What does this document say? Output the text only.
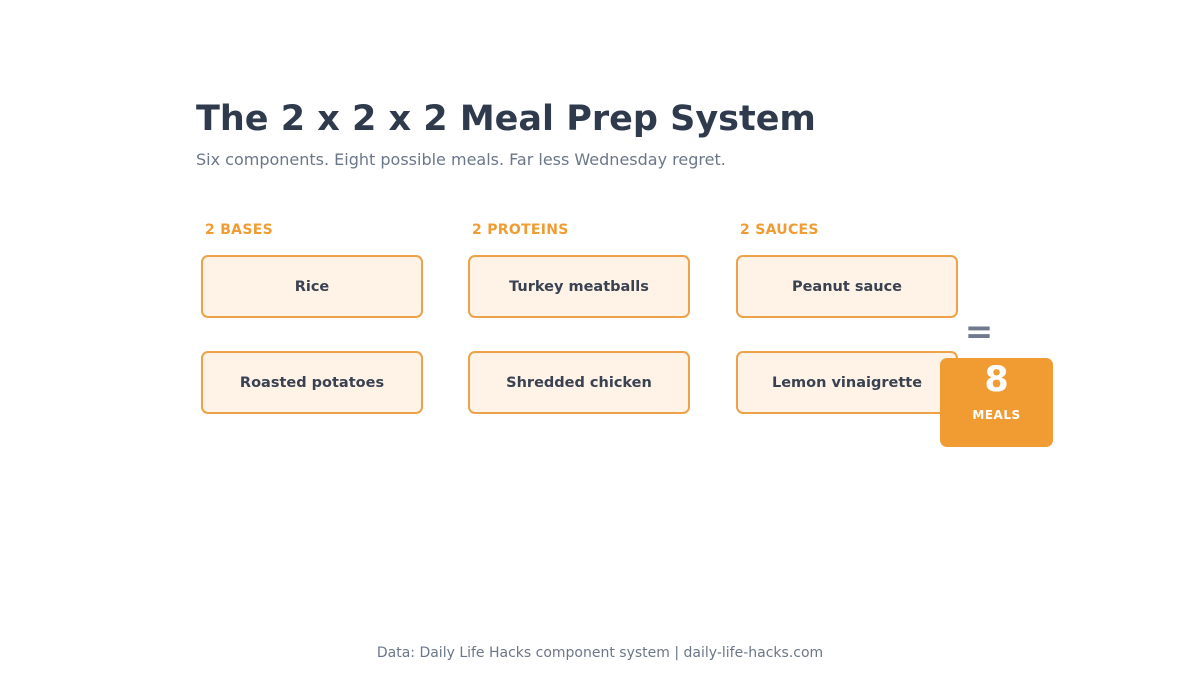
The 2 x 2 x 2 Meal Prep System
Six components. Eight possible meals. Far less Wednesday regret.
2 BASES
Rice
Roasted potatoes
2 PROTEINS
Turkey meatballs
Shredded chicken
2 SAUCES
Peanut sauce
Lemon vinaigrette
=
8
MEALS
Data: Daily Life Hacks component system | daily-life-hacks.com
